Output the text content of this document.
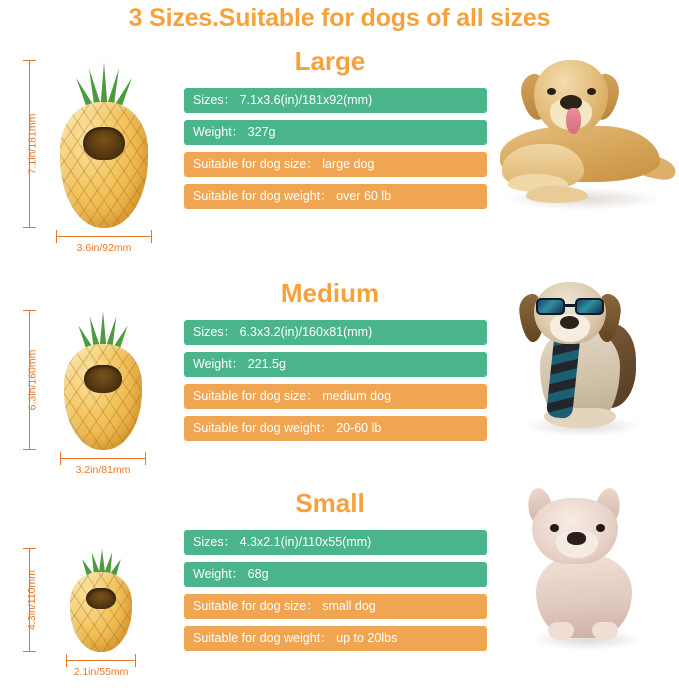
3 Sizes.Suitable for dogs of all sizes
7.1in/181mm
3.6in/92mm
Large
Sizes： 7.1x3.6(in)/181x92(mm)
Weight： 327g
Suitable for dog size： large dog
Suitable for dog weight： over 60 lb
6.3in/160mm
3.2in/81mm
Medium
Sizes： 6.3x3.2(in)/160x81(mm)
Weight： 221.5g
Suitable for dog size： medium dog
Suitable for dog weight： 20-60 lb
4.3in/110mm
2.1in/55mm
Small
Sizes： 4.3x2.1(in)/110x55(mm)
Weight： 68g
Suitable for dog size： small dog
Suitable for dog weight： up to 20lbs
